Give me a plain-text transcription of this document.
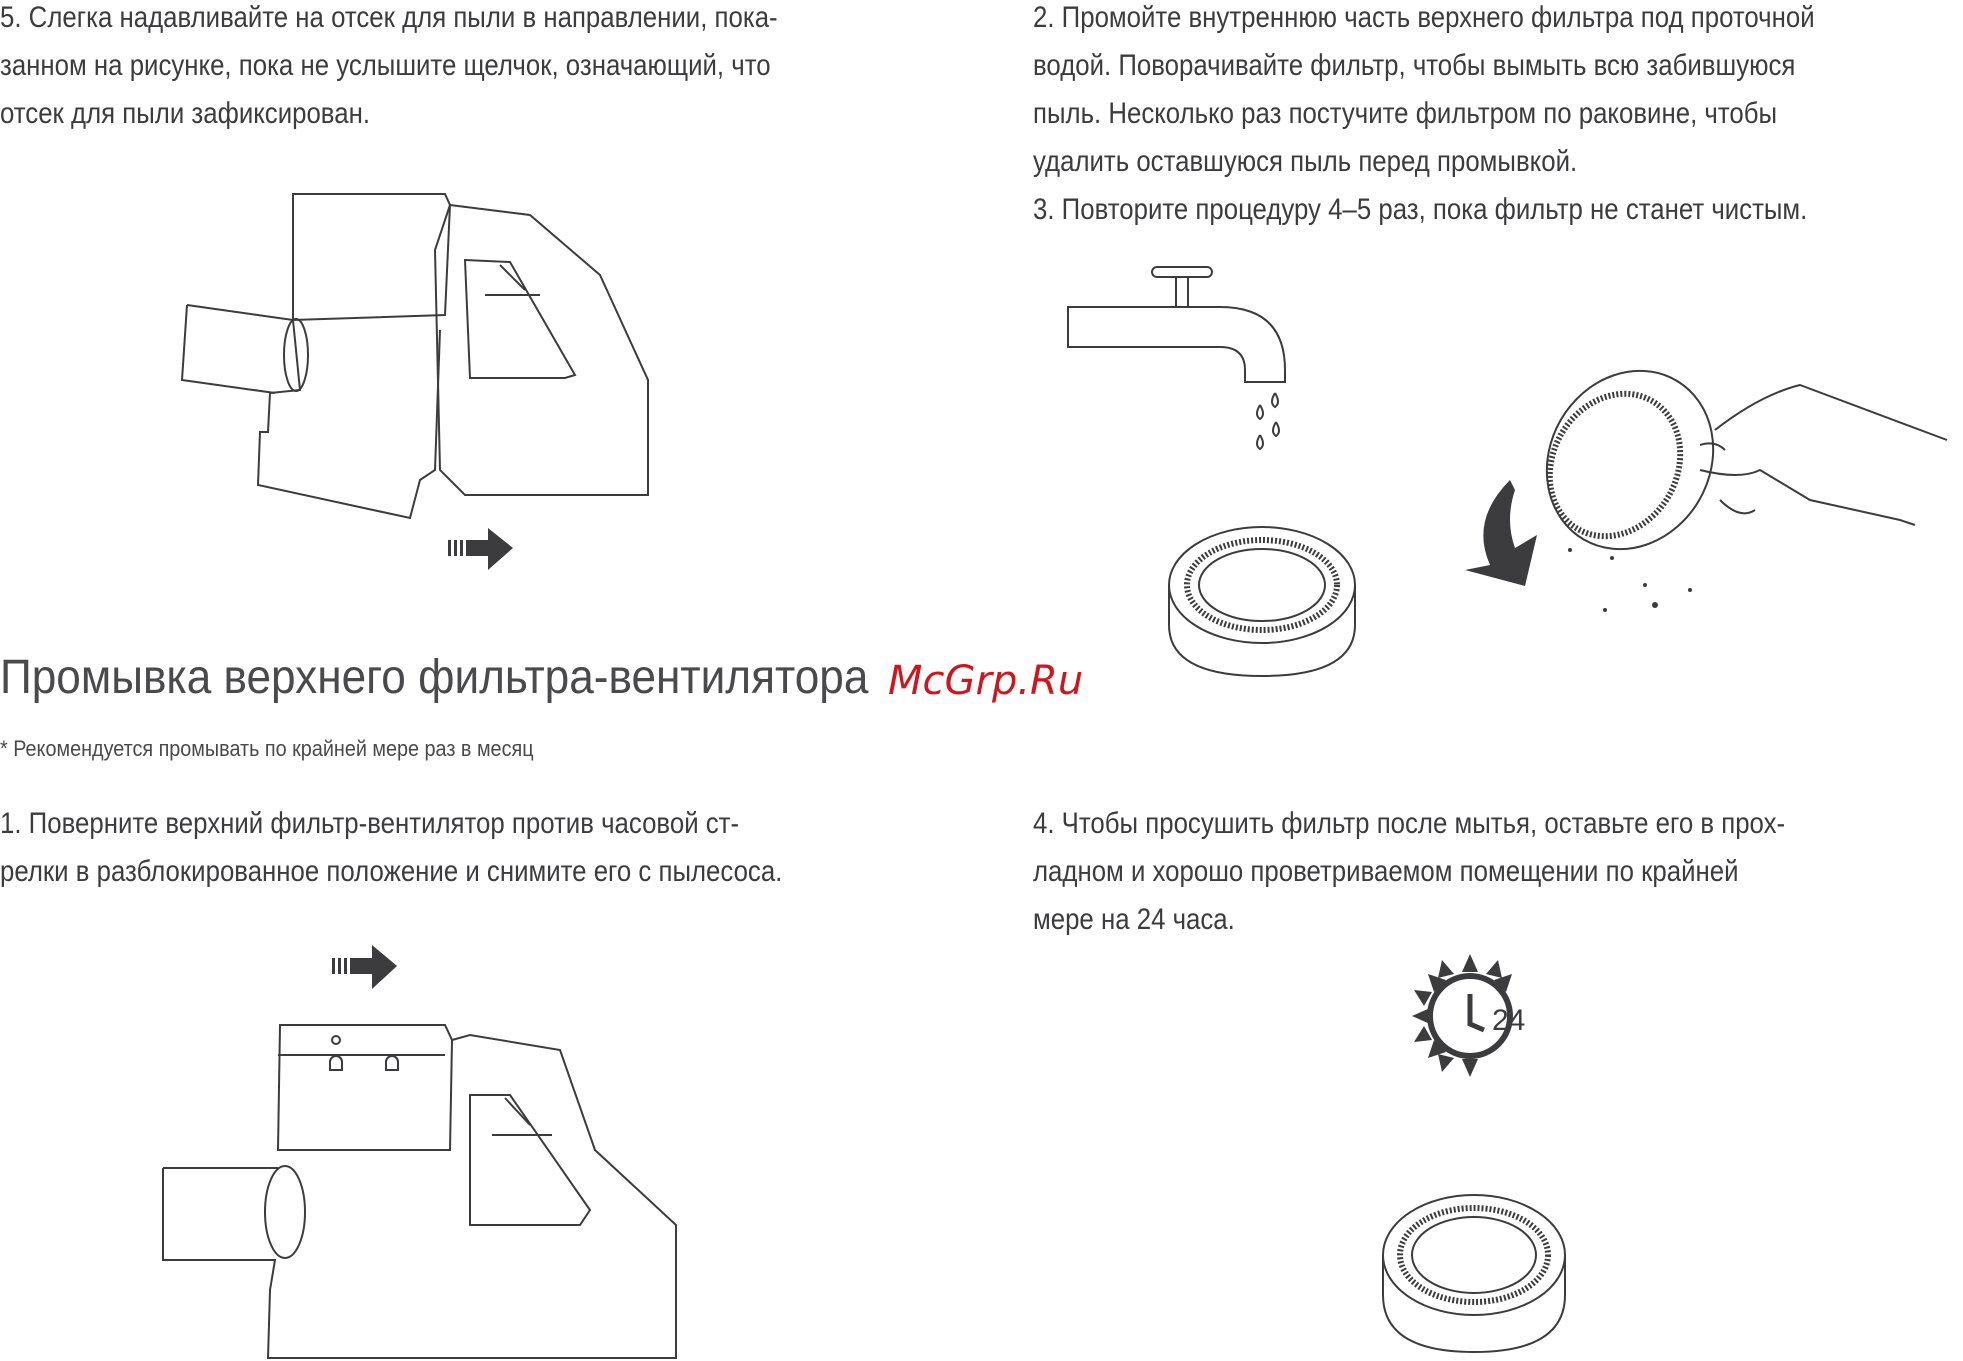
5. Слегка надавливайте на отсек для пыли в направлении, пока-
занном на рисунке, пока не услышите щелчок, означающий, что
отсек для пыли зафиксирован.
2. Промойте внутреннюю часть верхнего фильтра под проточной
водой. Поворачивайте фильтр, чтобы вымыть всю забившуюся
пыль. Несколько раз постучите фильтром по раковине, чтобы
удалить оставшуюся пыль перед промывкой.
3. Повторите процедуру 4–5 раз, пока фильтр не станет чистым.
Промывка верхнего фильтра-вентилятора McGrp.Ru
* Рекомендуется промывать по крайней мере раз в месяц
1. Поверните верхний фильтр-вентилятор против часовой ст-
релки в разблокированное положение и снимите его с пылесоса.
4. Чтобы просушить фильтр после мытья, оставьте его в прох-
ладном и хорошо проветриваемом помещении по крайней
мере на 24 часа.
24
